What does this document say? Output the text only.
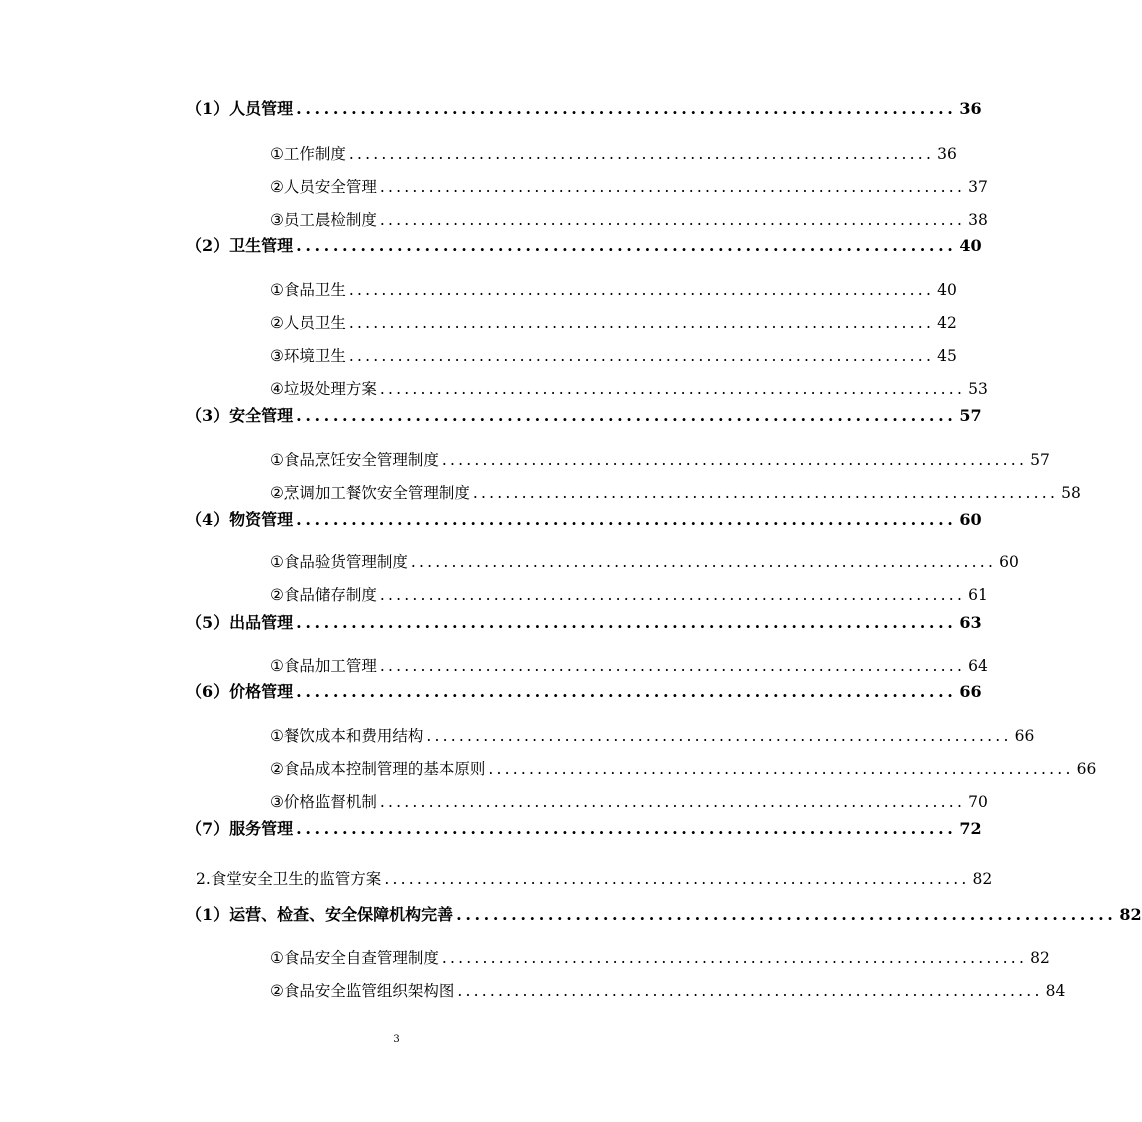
（1） 人员管理 ........................................................................ 36
① 工作制度 ........................................................................ 36
② 人员安全管理 ........................................................................ 37
③ 员工晨检制度 ........................................................................ 38
（2） 卫生管理 ........................................................................ 40
① 食品卫生 ........................................................................ 40
② 人员卫生 ........................................................................ 42
③ 环境卫生 ........................................................................ 45
④ 垃圾处理方案 ........................................................................ 53
（3） 安全管理 ........................................................................ 57
① 食品烹饪安全管理制度 ........................................................................ 57
② 烹调加工餐饮安全管理制度 ........................................................................ 58
（4） 物资管理 ........................................................................ 60
① 食品验货管理制度 ........................................................................ 60
② 食品储存制度 ........................................................................ 61
（5） 出品管理 ........................................................................ 63
① 食品加工管理 ........................................................................ 64
（6） 价格管理 ........................................................................ 66
① 餐饮成本和费用结构 ........................................................................ 66
② 食品成本控制管理的基本原则 ........................................................................ 66
③ 价格监督机制 ........................................................................ 70
（7） 服务管理 ........................................................................ 72
2. 食堂安全卫生的监管方案 ........................................................................ 82
（1） 运营、检查、安全保障机构完善 ........................................................................ 82
① 食品安全自查管理制度 ........................................................................ 82
② 食品安全监管组织架构图 ........................................................................ 84
3
